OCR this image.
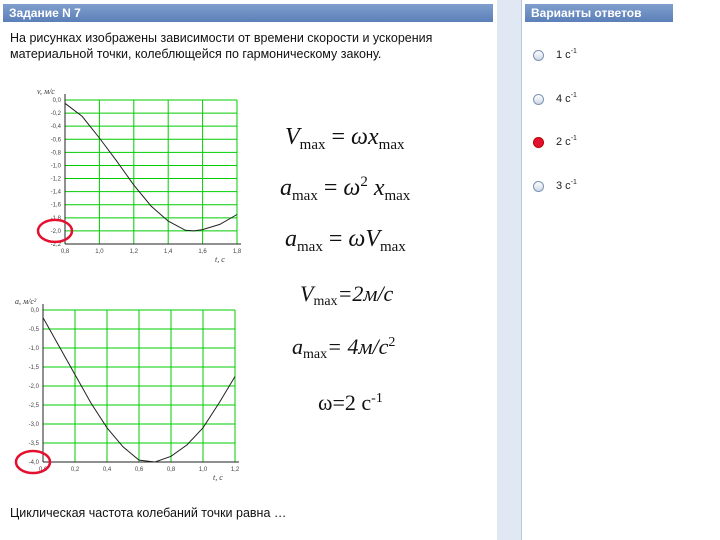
Задание N 7
На рисунках изображены зависимости от времени скорости и ускорения материальной точки, колеблющейся по гармоническому закону.
0,8	1,0	1,2	1,4	1,6	1,8
0,0
-0,2
-0,4
-0,6
-0,8
-1,0
-1,2
-1,4
-1,6
-1,8
-2,0
-2,2
v, м/с
t, c
0,0	0,2	0,4	0,6	0,8	1,0	1,2
0,0
-0,5
-1,0
-1,5
-2,0
-2,5
-3,0
-3,5
-4,0
a, м/с²
t, c
$V_{max} = \omega x_{max}$
$a_{max} = \omega^2$ $x_{max}$
$a_{max} = \omega V_{max}$
$V_{max}=2м/с$
$a_{max}= 4м/с^2$
ω=2 $с^{-1}$
Циклическая частота колебаний точки равна …
Варианты ответов
1 $с^{-1}$
4 $с^{-1}$
2 $с^{-1}$
3 $с^{-1}$
